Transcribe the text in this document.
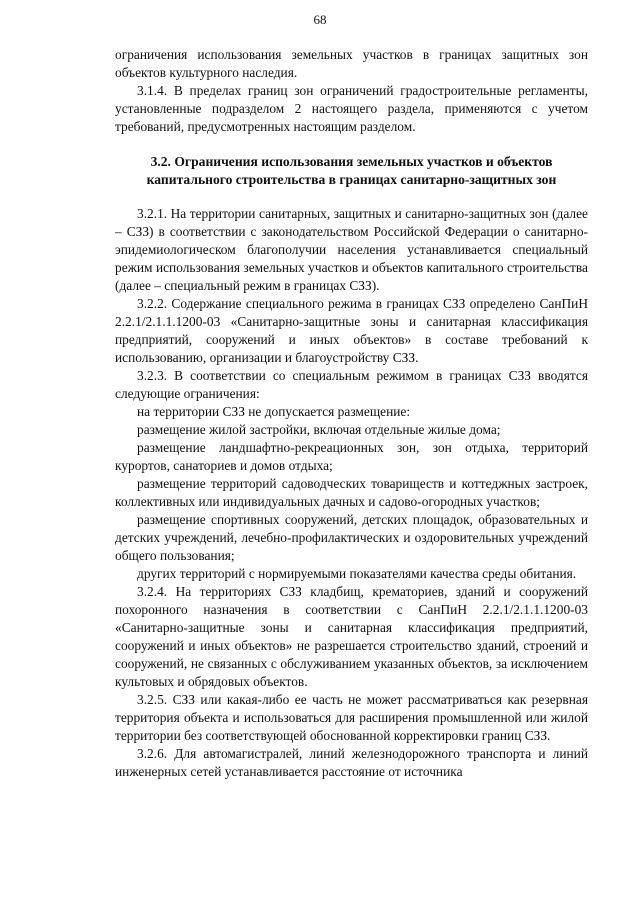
68

ограничения использования земельных участков в границах защитных зон объектов культурного наследия.

3.1.4. В пределах границ зон ограничений градостроительные регламенты, установленные подразделом 2 настоящего раздела, применяются с учетом требований, предусмотренных настоящим разделом.

3.2. Ограничения использования земельных участков и объектов капитального строительства в границах санитарно-защитных зон

3.2.1. На территории санитарных, защитных и санитарно-защитных зон (далее – СЗЗ) в соответствии с законодательством Российской Федерации о санитарно-эпидемиологическом благополучии населения устанавливается специальный режим использования земельных участков и объектов капитального строительства (далее – специальный режим в границах СЗЗ).

3.2.2. Содержание специального режима в границах СЗЗ определено СанПиН 2.2.1/2.1.1.1200-03 «Санитарно-защитные зоны и санитарная классификация предприятий, сооружений и иных объектов» в составе требований к использованию, организации и благоустройству СЗЗ.

3.2.3. В соответствии со специальным режимом в границах СЗЗ вводятся следующие ограничения:

на территории СЗЗ не допускается размещение:

размещение жилой застройки, включая отдельные жилые дома;

размещение ландшафтно-рекреационных зон, зон отдыха, территорий курортов, санаториев и домов отдыха;

размещение территорий садоводческих товариществ и коттеджных застроек, коллективных или индивидуальных дачных и садово-огородных участков;

размещение спортивных сооружений, детских площадок, образовательных и детских учреждений, лечебно-профилактических и оздоровительных учреждений общего пользования;

других территорий с нормируемыми показателями качества среды обитания.

3.2.4. На территориях СЗЗ кладбищ, крематориев, зданий и сооружений похоронного назначения в соответствии с СанПиН 2.2.1/2.1.1.1200-03 «Санитарно-защитные зоны и санитарная классификация предприятий, сооружений и иных объектов» не разрешается строительство зданий, строений и сооружений, не связанных с обслуживанием указанных объектов, за исключением культовых и обрядовых объектов.

3.2.5. СЗЗ или какая-либо ее часть не может рассматриваться как резервная территория объекта и использоваться для расширения промышленной или жилой территории без соответствующей обоснованной корректировки границ СЗЗ.

3.2.6. Для автомагистралей, линий железнодорожного транспорта и линий инженерных сетей устанавливается расстояние от источника
